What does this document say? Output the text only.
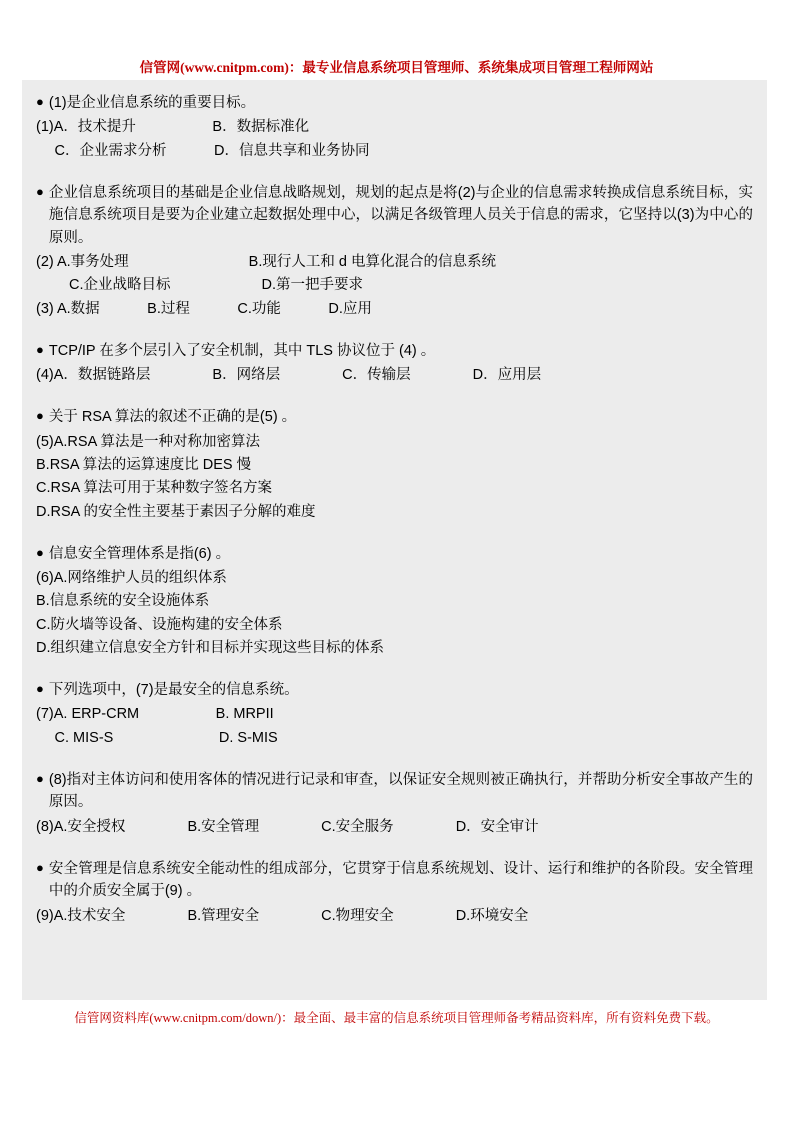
信管网(www.cnitpm.com)：最专业信息系统项目管理师、系统集成项目管理工程师网站
● (1)是企业信息系统的重要目标。
(1)A．技术提升　　　　　 B．数据标准化
　 C．企业需求分析　　　 D．信息共享和业务协同
● 企业信息系统项目的基础是企业信息战略规划，规划的起点是将(2)与企业的信息需求转换成信息系统目标，实施信息系统项目是要为企业建立起数据处理中心，以满足各级管理人员关于信息的需求，它坚持以(3)为中心的原则。
(2) A.事务处理　　　　　　　　 B.现行人工和 d 电算化混合的信息系统
　　 C.企业战略目标　　　　　　 D.第一把手要求
(3) A.数据　　　 B.过程　　　 C.功能　　　 D.应用
● TCP/IP 在多个层引入了安全机制，其中 TLS 协议位于 (4) 。
(4)A．数据链路层　　　　 B．网络层　　　　 C．传输层　　　　 D．应用层
● 关于 RSA 算法的叙述不正确的是(5) 。
(5)A.RSA 算法是一种对称加密算法
B.RSA 算法的运算速度比 DES 慢
C.RSA 算法可用于某种数字签名方案
D.RSA 的安全性主要基于素因子分解的难度
● 信息安全管理体系是指(6) 。
(6)A.网络维护人员的组织体系
B.信息系统的安全设施体系
C.防火墙等设备、设施构建的安全体系
D.组织建立信息安全方针和目标并实现这些目标的体系
● 下列选项中，(7)是最安全的信息系统。
(7)A. ERP-CRM　　　　　 B. MRPII
　 C. MIS-S　　　　　　　 D. S-MIS
● (8)指对主体访问和使用客体的情况进行记录和审查，以保证安全规则被正确执行，并帮助分析安全事故产生的原因。
(8)A.安全授权　　　　 B.安全管理　　　　 C.安全服务　　　　 D．安全审计
● 安全管理是信息系统安全能动性的组成部分，它贯穿于信息系统规划、设计、运行和维护的各阶段。安全管理中的介质安全属于(9) 。
(9)A.技术安全　　　　 B.管理安全　　　　 C.物理安全　　　　 D.环境安全
信管网资料库(www.cnitpm.com/down/)：最全面、最丰富的信息系统项目管理师备考精品资料库，所有资料免费下载。
